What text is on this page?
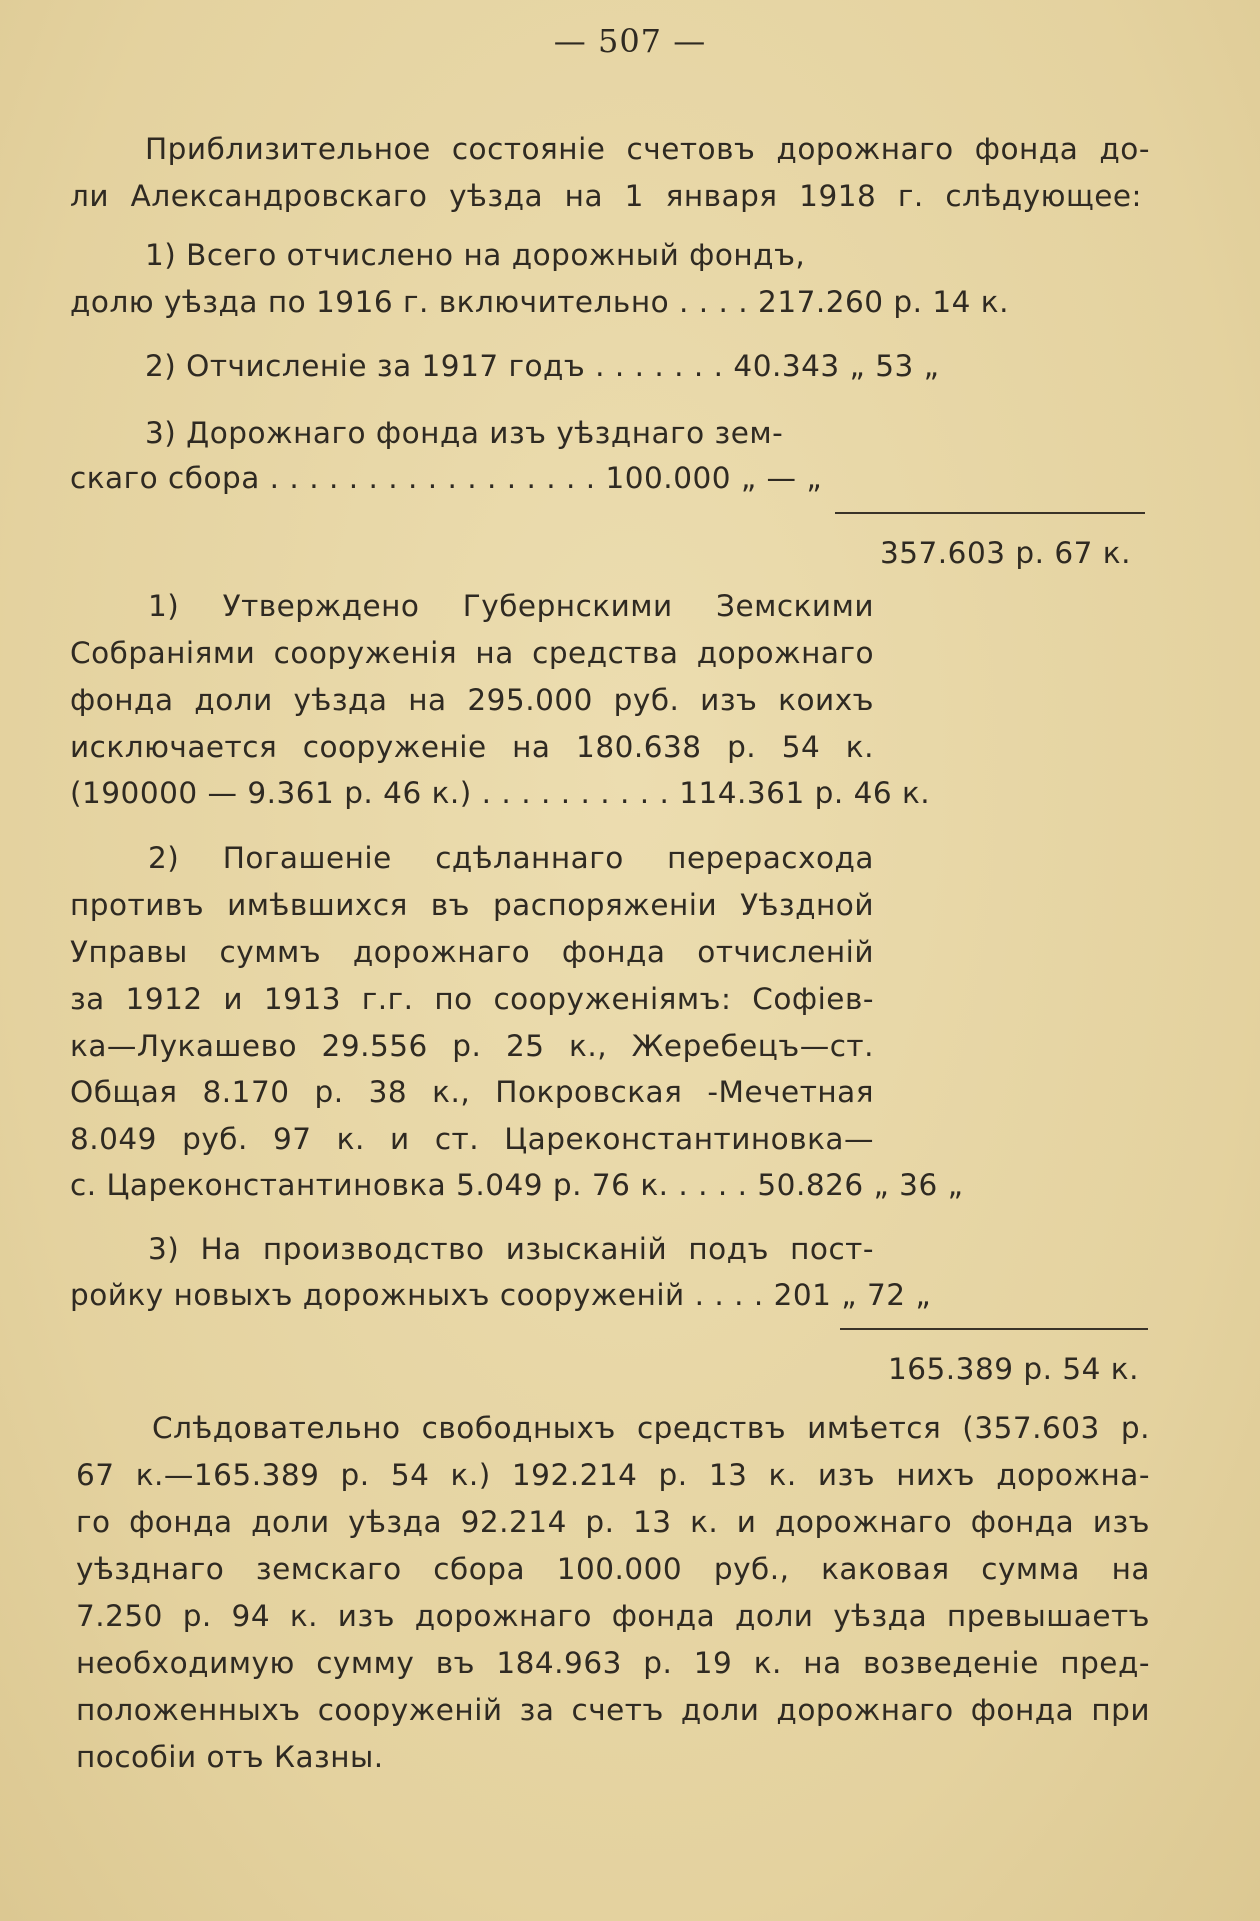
— 507 —
Приблизительное состоянiе счетовъ дорожнаго фонда до-
ли Александровскаго уѣзда на 1 января 1918 г. слѣдующее:
1) Всего отчислено на дорожный фондъ,
долю уѣзда по 1916 г. включительно . . . . 217.260 р. 14 к.
2) Отчисленiе за 1917 годъ . . . . . . . 40.343 „ 53 „
3) Дорожнаго фонда изъ уѣзднаго зем-
скаго сбора . . . . . . . . . . . . . . . . . 100.000 „ — „
357.603 р. 67 к.
1) Утверждено Губернскими Земскими
Собранiями сооруженiя на средства дорожнаго
фонда доли уѣзда на 295.000 руб. изъ коихъ
исключается сооруженiе на 180.638 р. 54 к.
(190000 — 9.361 р. 46 к.) . . . . . . . . . . 114.361 р. 46 к.
2) Погашенiе сдѣланнаго перерасхода
противъ имѣвшихся въ распоряженiи Уѣздной
Управы суммъ дорожнаго фонда отчисленiй
за 1912 и 1913 г.г. по сооруженiямъ: Софiев-
ка—Лукашево 29.556 р. 25 к., Жеребецъ—ст.
Общая 8.170 р. 38 к., Покровская -Мечетная
8.049 руб. 97 к. и ст. Цареконстантиновка—
с. Цареконстантиновка 5.049 р. 76 к. . . . . 50.826 „ 36 „
3) На производство изысканiй подъ пост-
ройку новыхъ дорожныхъ сооруженiй . . . . 201 „ 72 „
165.389 р. 54 к.
Слѣдовательно свободныхъ средствъ имѣется (357.603 р.
67 к.—165.389 р. 54 к.) 192.214 р. 13 к. изъ нихъ дорожна-
го фонда доли уѣзда 92.214 р. 13 к. и дорожнаго фонда изъ
уѣзднаго земскаго сбора 100.000 руб., каковая сумма на
7.250 р. 94 к. изъ дорожнаго фонда доли уѣзда превышаетъ
необходимую сумму въ 184.963 р. 19 к. на возведенiе пред-
положенныхъ сооруженiй за счетъ доли дорожнаго фонда при
пособiи отъ Казны.
